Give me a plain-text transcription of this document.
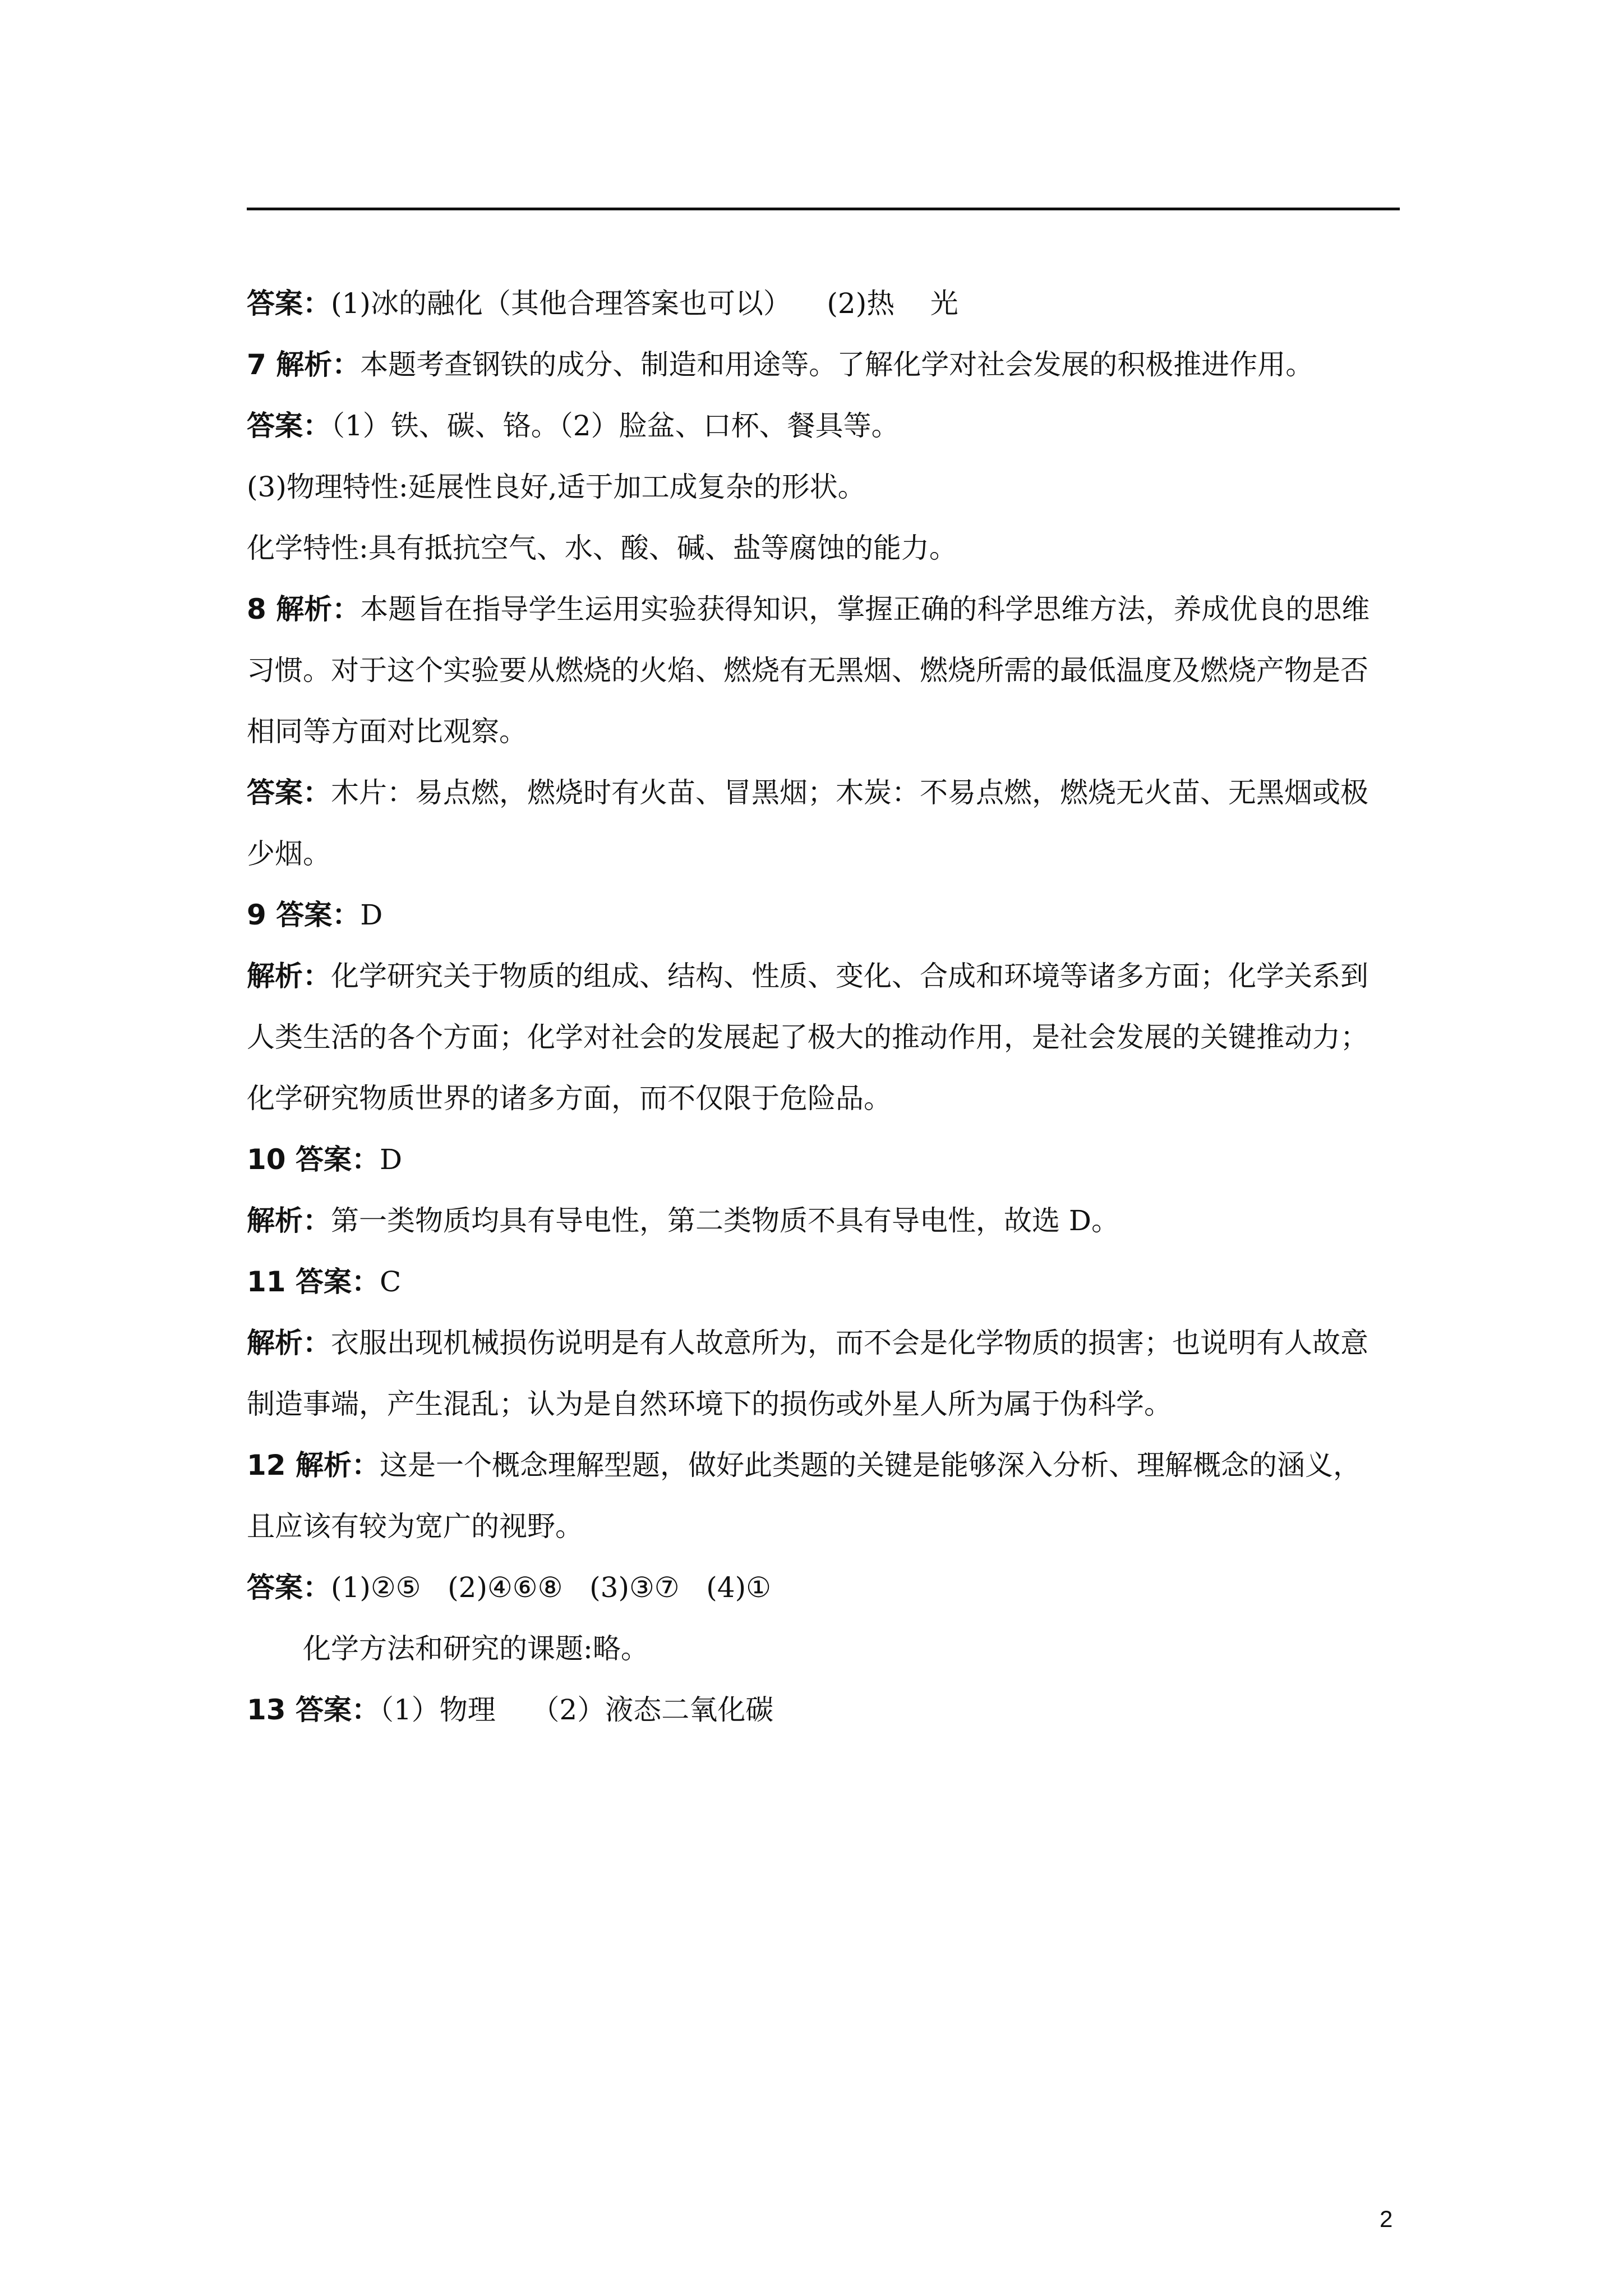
答案：(1)冰的融化（其他合理答案也可以）    (2)热    光

7 解析：本题考查钢铁的成分、制造和用途等。了解化学对社会发展的积极推进作用。

答案：（1）铁、碳、铬。（2）脸盆、口杯、餐具等。

(3)物理特性:延展性良好,适于加工成复杂的形状。

化学特性:具有抵抗空气、水、酸、碱、盐等腐蚀的能力。

8 解析：本题旨在指导学生运用实验获得知识，掌握正确的科学思维方法，养成优良的思维

习惯。对于这个实验要从燃烧的火焰、燃烧有无黑烟、燃烧所需的最低温度及燃烧产物是否

相同等方面对比观察。

答案：木片：易点燃，燃烧时有火苗、冒黑烟；木炭：不易点燃，燃烧无火苗、无黑烟或极

少烟。

9 答案：D

解析：化学研究关于物质的组成、结构、性质、变化、合成和环境等诸多方面；化学关系到

人类生活的各个方面；化学对社会的发展起了极大的推动作用，是社会发展的关键推动力；

化学研究物质世界的诸多方面，而不仅限于危险品。

10 答案：D

解析：第一类物质均具有导电性，第二类物质不具有导电性，故选 D。

11 答案：C

解析：衣服出现机械损伤说明是有人故意所为，而不会是化学物质的损害；也说明有人故意

制造事端，产生混乱；认为是自然环境下的损伤或外星人所为属于伪科学。

12 解析：这是一个概念理解型题，做好此类题的关键是能够深入分析、理解概念的涵义，

且应该有较为宽广的视野。

答案：(1)②⑤   (2)④⑥⑧   (3)③⑦   (4)①

化学方法和研究的课题:略。

13 答案：（1）物理    （2）液态二氧化碳

2
